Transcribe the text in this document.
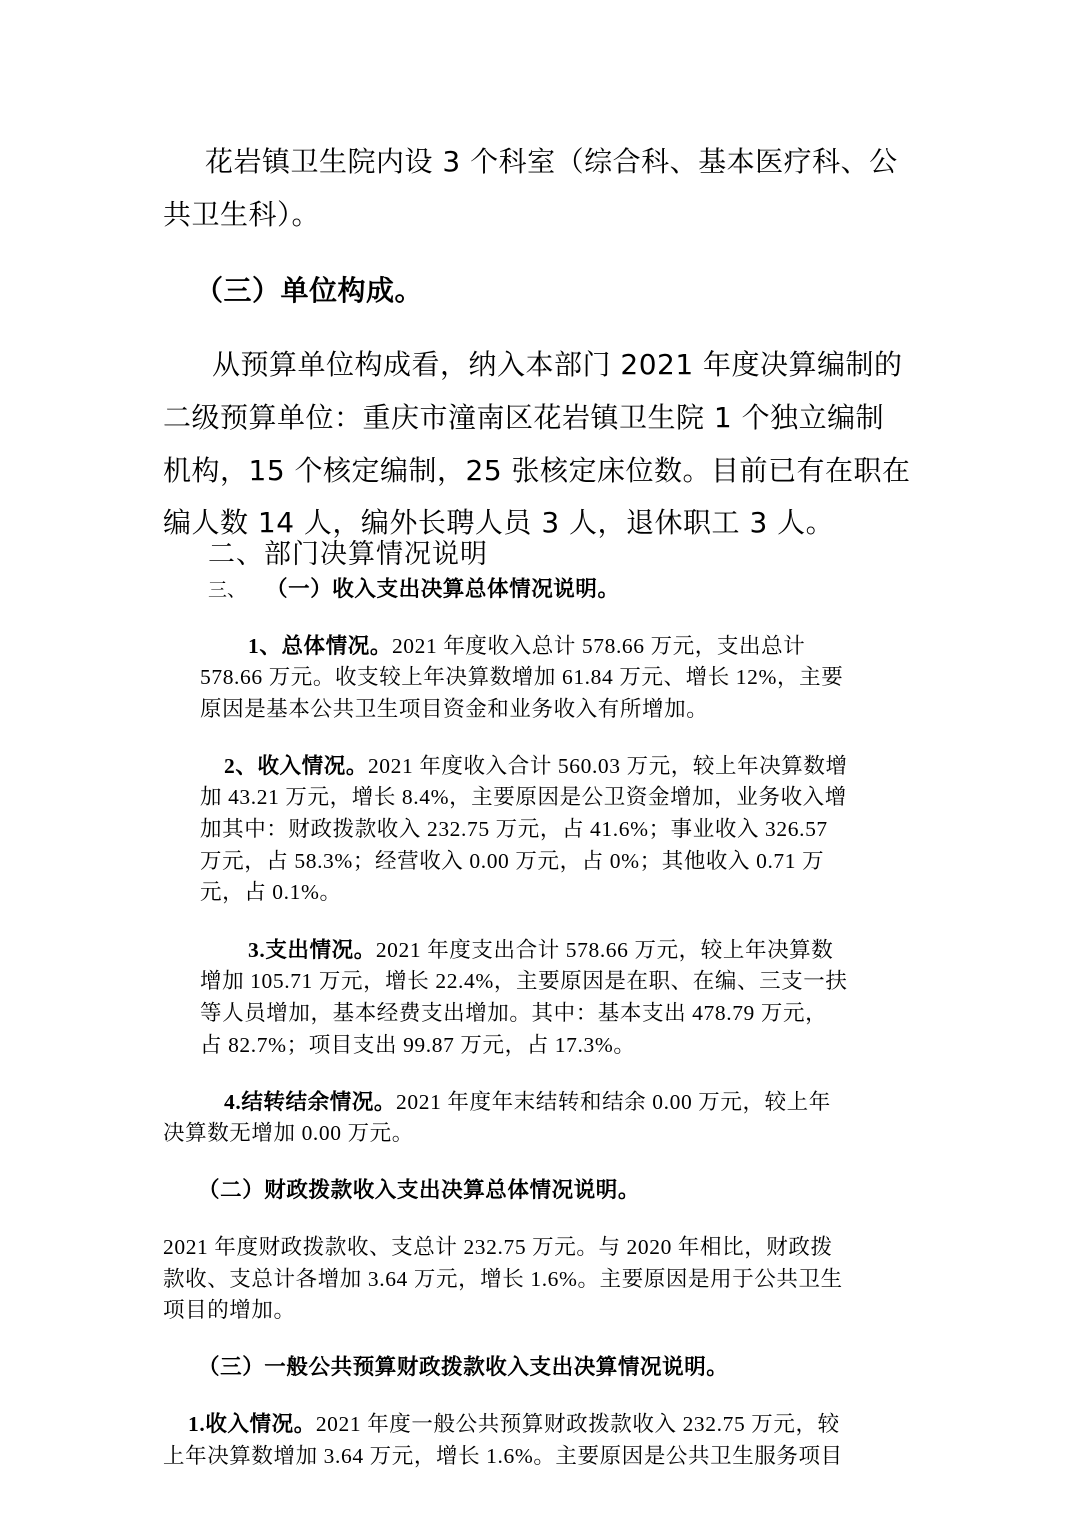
花岩镇卫生院内设 3 个科室（综合科、基本医疗科、公

共卫生科）。

（三）单位构成。

从预算单位构成看，纳入本部门 2021 年度决算编制的

二级预算单位：重庆市潼南区花岩镇卫生院 1 个独立编制

机构，15 个核定编制，25 张核定床位数。目前已有在职在

编人数 14 人，编外长聘人员 3 人，退休职工 3 人。

二、部门决算情况说明

三、 （一）收入支出决算总体情况说明。

1、总体情况。2021 年度收入总计 578.66 万元，支出总计

578.66 万元。收支较上年决算数增加 61.84 万元、增长 12%，主要

原因是基本公共卫生项目资金和业务收入有所增加。

2、收入情况。2021 年度收入合计 560.03 万元，较上年决算数增

加 43.21 万元，增长 8.4%，主要原因是公卫资金增加，业务收入增

加其中：财政拨款收入 232.75 万元，占 41.6%；事业收入 326.57

万元，占 58.3%；经营收入 0.00 万元，占 0%；其他收入 0.71 万

元，占 0.1%。

3.支出情况。2021 年度支出合计 578.66 万元，较上年决算数

增加 105.71 万元，增长 22.4%，主要原因是在职、在编、三支一扶

等人员增加，基本经费支出增加。其中：基本支出 478.79 万元，

占 82.7%；项目支出 99.87 万元，占 17.3%。

4.结转结余情况。2021 年度年末结转和结余 0.00 万元，较上年

决算数无增加 0.00 万元。

（二）财政拨款收入支出决算总体情况说明。

2021 年度财政拨款收、支总计 232.75 万元。与 2020 年相比，财政拨

款收、支总计各增加 3.64 万元，增长 1.6%。主要原因是用于公共卫生

项目的增加。

（三）一般公共预算财政拨款收入支出决算情况说明。

1.收入情况。2021 年度一般公共预算财政拨款收入 232.75 万元，较

上年决算数增加 3.64 万元，增长 1.6%。主要原因是公共卫生服务项目
